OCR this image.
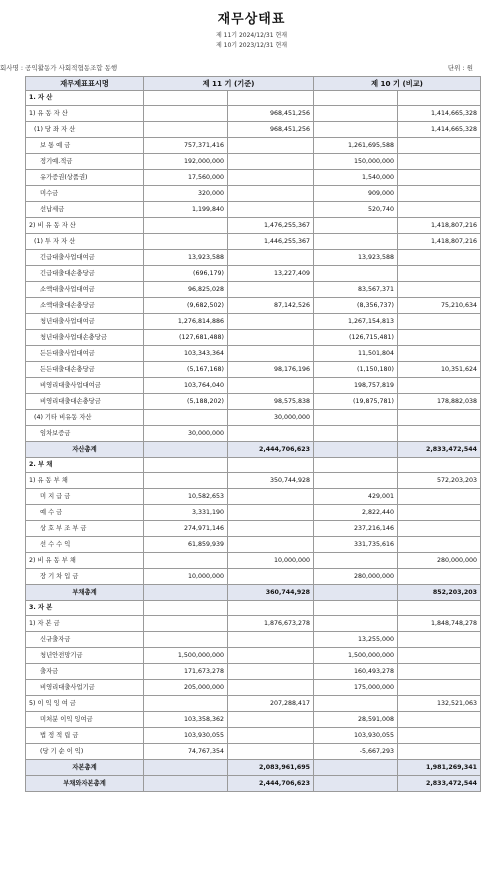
재무상태표
제 11기 2024/12/31 현재
제 10기 2023/12/31 현재
회사명 : 공익활동가 사회적협동조합 동행	단위 : 원
재무제표표시명	제 11 기 (기준)		제 10 기 (비교)	
1. 자 산				
1) 유 동 자 산		968,451,256		1,414,665,328
(1) 당 좌 자 산		968,451,256		1,414,665,328
보 통 예 금	757,371,416		1,261,695,588	
정기예.적금	192,000,000		150,000,000	
유가증권(상품권)	17,560,000		1,540,000	
미수금	320,000		909,000	
선납세금	1,199,840		520,740	
2) 비 유 동 자 산		1,476,255,367		1,418,807,216
(1) 투 자 자 산		1,446,255,367		1,418,807,216
긴급대출사업대여금	13,923,588		13,923,588	
긴급대출대손충당금	(696,179)	13,227,409		
소액대출사업대여금	96,825,028		83,567,371	
소액대출대손충당금	(9,682,502)	87,142,526	(8,356,737)	75,210,634
청년대출사업대여금	1,276,814,886		1,267,154,813	
청년대출사업대손충당금	(127,681,488)		(126,715,481)	
든든대출사업대여금	103,343,364		11,501,804	
든든대출대손충당금	(5,167,168)	98,176,196	(1,150,180)	10,351,624
비영리대출사업대여금	103,764,040		198,757,819	
비영리대출대손충당금	(5,188,202)	98,575,838	(19,875,781)	178,882,038
(4) 기타 비유동 자산		30,000,000		
임차보증금	30,000,000			
자산총계		2,444,706,623		2,833,472,544
2. 부 채				
1) 유 동 부 채		350,744,928		572,203,203
미 지 급 금	10,582,653		429,001	
예 수 금	3,331,190		2,822,440	
상 호 부 조 부 금	274,971,146		237,216,146	
선 수 수 익	61,859,939		331,735,616	
2) 비 유 동 부 채		10,000,000		280,000,000
장 기 차 입 금	10,000,000		280,000,000	
부채총계		360,744,928		852,203,203
3. 자 본				
1) 자 본 금		1,876,673,278		1,848,748,278
신규출자금			13,255,000	
청년안전망기금	1,500,000,000		1,500,000,000	
출자금	171,673,278		160,493,278	
비영리대출사업기금	205,000,000		175,000,000	
5) 이 익 잉 여 금		207,288,417		132,521,063
미처분 이익 잉여금	103,358,362		28,591,008	
법 정 적 립 금	103,930,055		103,930,055	
(당 기 순 이 익)	74,767,354		-5,667,293	
자본총계		2,083,961,695		1,981,269,341
부채와자본총계		2,444,706,623		2,833,472,544
